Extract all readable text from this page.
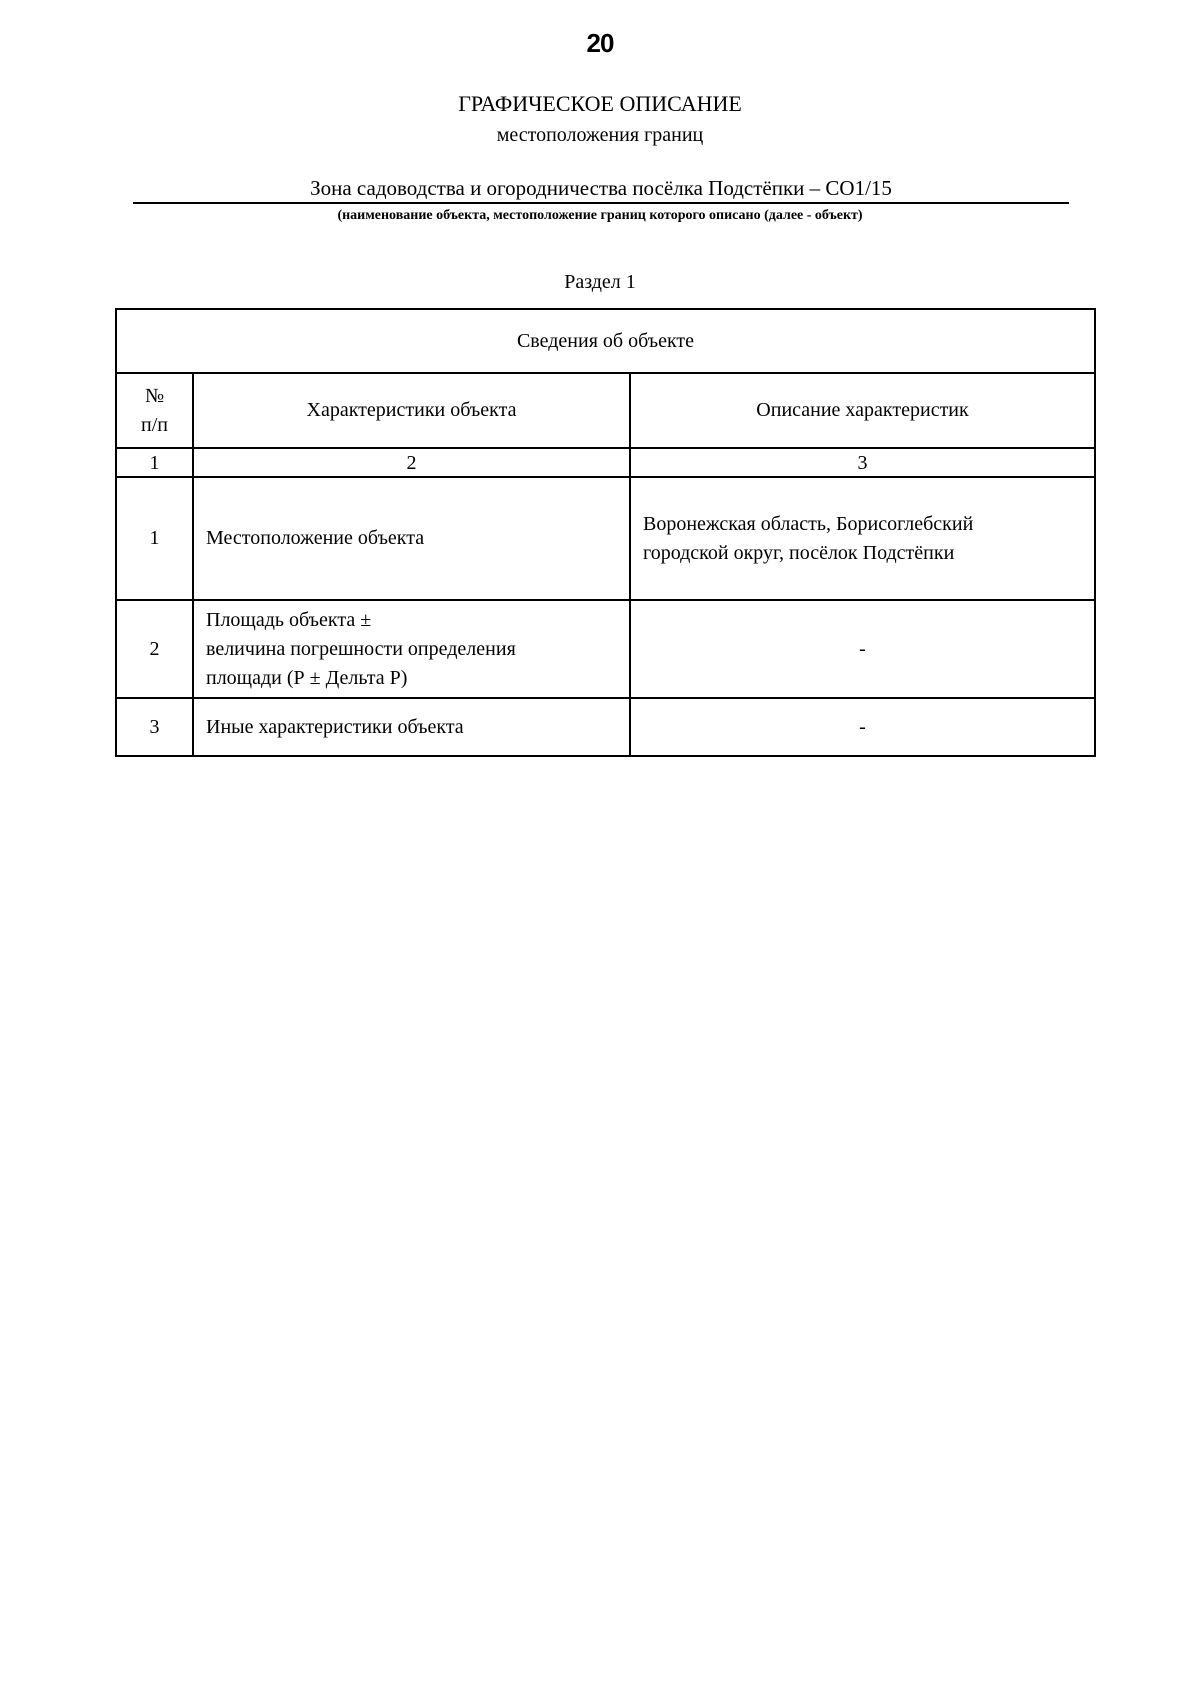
20
ГРАФИЧЕСКОЕ ОПИСАНИЕ
местоположения границ
Зона садоводства и огородничества посёлка Подстёпки – СО1/15
(наименование объекта, местоположение границ которого описано (далее - объект)
Раздел 1
Сведения об объекте		
№
п/п	Характеристики объекта	Описание характеристик
1	2	3
1	Местоположение объекта	Воронежская область, Борисоглебский
городской округ, посёлок Подстёпки
2	Площадь объекта ±
величина погрешности определения
площади (Р ± Дельта Р)	-
3	Иные характеристики объекта	-
